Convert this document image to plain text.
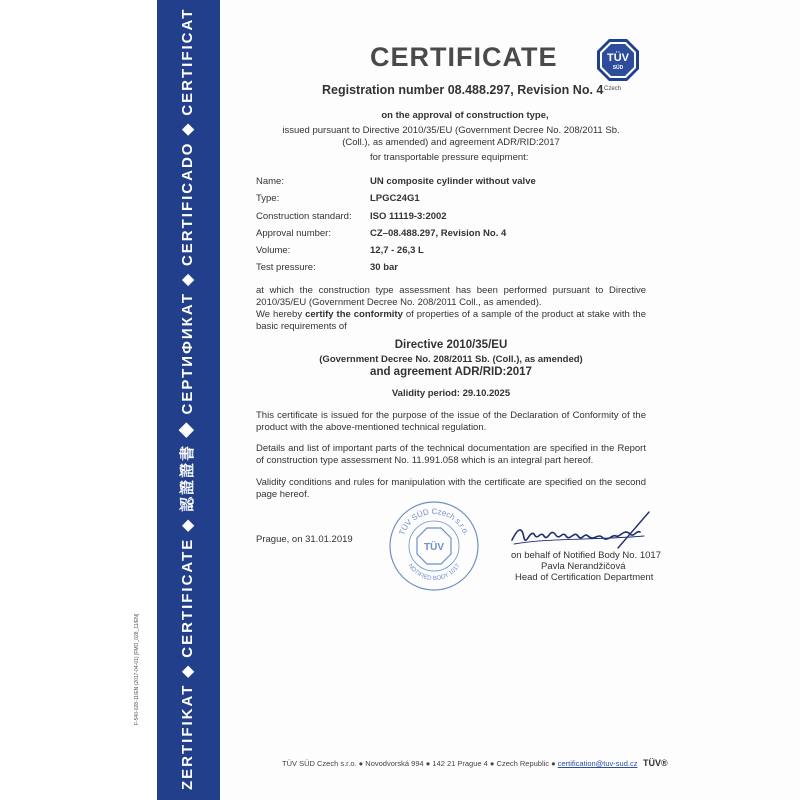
ZERTIFIKAT ◆ CERTIFICATE ◆ 認證證書 ◆ СЕРТИФИКАТ ◆ CERTIFICADO ◆ CERTIFICAT
F-540-028-11/EN (2017-04-01) [FMO_028_11/EN]
TÜV
SÜD
Czech
CERTIFICATE
Registration number 08.488.297, Revision No. 4
on the approval of construction type,
issued pursuant to Directive 2010/35/EU (Government Decree No. 208/2011 Sb.
(Coll.), as amended) and agreement ADR/RID:2017
for transportable pressure equipment:
Name:	UN composite cylinder without valve
Type:	LPGC24G1
Construction standard: ISO 11119-3:2002
Approval number:	CZ–08.488.297, Revision No. 4
Volume:	12,7 - 26,3 L
Test pressure:	30 bar
at which the construction type assessment has been performed pursuant to Directive 2010/35/EU (Government Decree No. 208/2011 Coll., as amended).
We hereby certify the conformity of properties of a sample of the product at stake with the basic requirements of
Directive 2010/35/EU
(Government Decree No. 208/2011 Sb. (Coll.), as amended)
and agreement ADR/RID:2017
Validity period: 29.10.2025
This certificate is issued for the purpose of the issue of the Declaration of Conformity of the product with the above-mentioned technical regulation.
Details and list of important parts of the technical documentation are specified in the Report of construction type assessment No. 11.991.058 which is an integral part hereof.
Validity conditions and rules for manipulation with the certificate are specified on the second page hereof.
Prague, on 31.01.2019
TÜV SÜD Czech s.r.o.
NOTIFIED BODY 1017
TÜV
on behalf of Notified Body No. 1017
Pavla Nerandžičová
Head of Certification Department
TÜV SÜD Czech s.r.o. ● Novodvorská 994 ● 142 21 Prague 4 ● Czech Republic ● certification@tuv-sud.cz TÜV®
